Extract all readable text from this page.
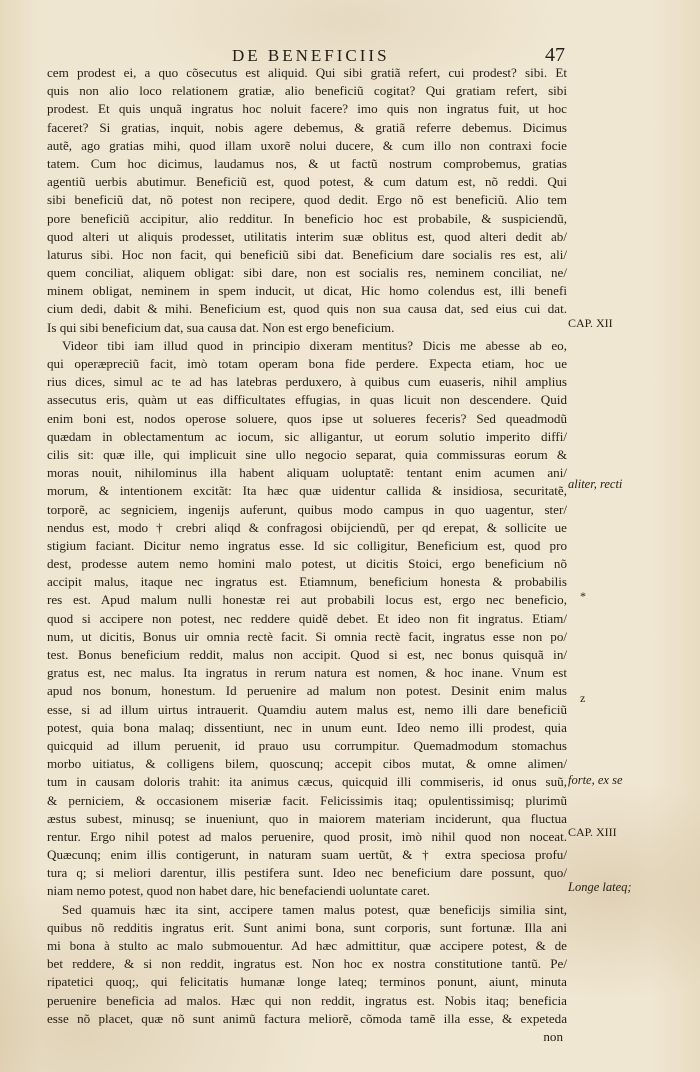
DE BENEFICIIS	47
cem prodest ei, a quo cõsecutus est aliquid. Qui sibi gratiã refert, cui prodest? sibi. Et
quis non alio loco relationem gratiæ, alio beneficiũ cogitat? Qui gratiam refert, sibi
prodest. Et quis unquã ingratus hoc noluit facere? imo quis non ingratus fuit, ut hoc
faceret? Si gratias, inquit, nobis agere debemus, & gratiã referre debemus. Dicimus
autẽ, ago gratias mihi, quod illam uxorẽ nolui ducere, & cum illo non contraxi focie
tatem. Cum hoc dicimus, laudamus nos, & ut factũ nostrum comprobemus, gratias
agentiũ uerbis abutimur. Beneficiũ est, quod potest, & cum datum est, nõ reddi. Qui
sibi beneficiũ dat, nõ potest non recipere, quod dedit. Ergo nõ est beneficiũ. Alio tem
pore beneficiũ accipitur, alio redditur. In beneficio hoc est probabile, & suspiciendũ,
quod alteri ut aliquis prodesset, utilitatis interim suæ oblitus est, quod alteri dedit ab/
laturus sibi. Hoc non facit, qui beneficiũ sibi dat. Beneficium dare socialis res est, ali/
quem conciliat, aliquem obligat: sibi dare, non est socialis res, neminem conciliat, ne/
minem obligat, neminem in spem inducit, ut dicat, Hic homo colendus est, illi benefi
cium dedi, dabit & mihi. Beneficium est, quod quis non sua causa dat, sed eius cui dat.
Is qui sibi beneficium dat, sua causa dat. Non est ergo beneficium.
Videor tibi iam illud quod in principio dixeram mentitus? Dicis me abesse ab eo,
qui operæpreciũ facit, imò totam operam bona fide perdere. Expecta etiam, hoc ue
rius dices, simul ac te ad has latebras perduxero, à quibus cum euaseris, nihil amplius
assecutus eris, quàm ut eas difficultates effugias, in quas licuit non descendere. Quid
enim boni est, nodos operose soluere, quos ipse ut solueres feceris? Sed queadmodũ
quædam in oblectamentum ac iocum, sic alligantur, ut eorum solutio imperito diffi/
cilis sit: quæ ille, qui implicuit sine ullo negocio separat, quia commissuras eorum &
moras nouit, nihilominus illa habent aliquam uoluptatẽ: tentant enim acumen ani/
morum, & intentionem excitãt: Ita hæc quæ uidentur callida & insidiosa, securitatẽ,
torporẽ, ac segniciem, ingenijs auferunt, quibus modo campus in quo uagentur, ster/
nendus est, modo † crebri aliqd & confragosi obijciendũ, per qd erepat, & sollicite ue
stigium faciant. Dicitur nemo ingratus esse. Id sic colligitur, Beneficium est, quod pro
dest, prodesse autem nemo homini malo potest, ut dicitis Stoici, ergo beneficium nõ
accipit malus, itaque nec ingratus est. Etiamnum, beneficium honesta & probabilis
res est. Apud malum nulli honestæ rei aut probabili locus est, ergo nec beneficio,
quod si accipere non potest, nec reddere quidẽ debet. Et ideo non fit ingratus. Etiam/
num, ut dicitis, Bonus uir omnia rectè facit. Si omnia rectè facit, ingratus esse non po/
test. Bonus beneficium reddit, malus non accipit. Quod si est, nec bonus quisquã in/
gratus est, nec malus. Ita ingratus in rerum natura est nomen, & hoc inane. Vnum est
apud nos bonum, honestum. Id peruenire ad malum non potest. Desinit enim malus
esse, si ad illum uirtus intrauerit. Quamdiu autem malus est, nemo illi dare beneficiũ
potest, quia bona malaq; dissentiunt, nec in unum eunt. Ideo nemo illi prodest, quia
quicquid ad illum peruenit, id prauo usu corrumpitur. Quemadmodum stomachus
morbo uitiatus, & colligens bilem, quoscunq; accepit cibos mutat, & omne alimen/
tum in causam doloris trahit: ita animus cæcus, quicquid illi commiseris, id onus suũ,
& perniciem, & occasionem miseriæ facit. Felicissimis itaq; opulentissimisq; plurimũ
æstus subest, minusq; se inueniunt, quo in maiorem materiam inciderunt, qua fluctua
rentur. Ergo nihil potest ad malos peruenire, quod prosit, imò nihil quod non noceat.
Quæcunq; enim illis contigerunt, in naturam suam uertũt, & † extra speciosa profu/
tura q; si meliori darentur, illis pestifera sunt. Ideo nec beneficium dare possunt, quo/
niam nemo potest, quod non habet dare, hic benefaciendi uoluntate caret.
Sed quamuis hæc ita sint, accipere tamen malus potest, quæ beneficijs similia sint,
quibus nõ redditis ingratus erit. Sunt animi bona, sunt corporis, sunt fortunæ. Illa ani
mi bona à stulto ac malo submouentur. Ad hæc admittitur, quæ accipere potest, & de
bet reddere, & si non reddit, ingratus est. Non hoc ex nostra constitutione tantũ. Pe/
ripatetici quoq;, qui felicitatis humanæ longe lateq; terminos ponunt, aiunt, minuta
peruenire beneficia ad malos. Hæc qui non reddit, ingratus est. Nobis itaq; beneficia
esse nõ placet, quæ nõ sunt animũ factura meliorẽ, cõmoda tamẽ illa esse, & expeteda
non
CAP. XII
aliter, recti
*
z
forte, ex se
CAP. XIII
Longe lateq;
